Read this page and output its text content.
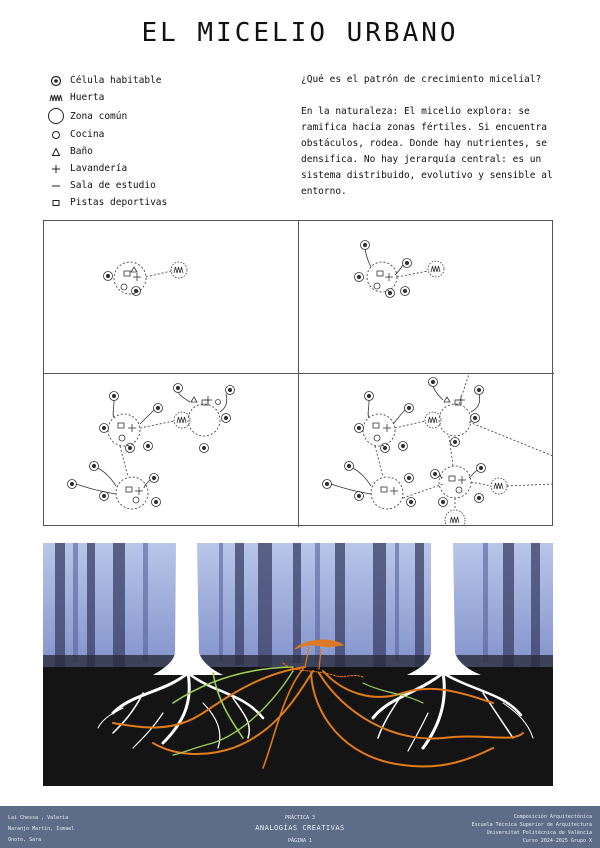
EL MICELIO URBANO
Célula habitable
Huerta
Zona común
Cocina
Baño
Lavandería
Sala de estudio
Pistas deportivas

¿Qué es el patrón de crecimiento micelial?

En la naturaleza: El micelio explora: se ramifica hacia zonas fértiles. Si encuentra obstáculos, rodea. Donde hay nutrientes, se densifica. No hay jerarquía central: es un sistema distribuido, evolutivo y sensible al entorno.

Lai Chessa , Valeria
Naranjo Martín, Ismael
Onoto, Sara
PRÁCTICA 3
ANALOGÍAS CREATIVAS
PÁGINA 1
Composición Arquitectónica
Escuela Técnica Superior de Arquitectura
Universitat Politècnica de València
Curso 2024-2025 Grupo X
